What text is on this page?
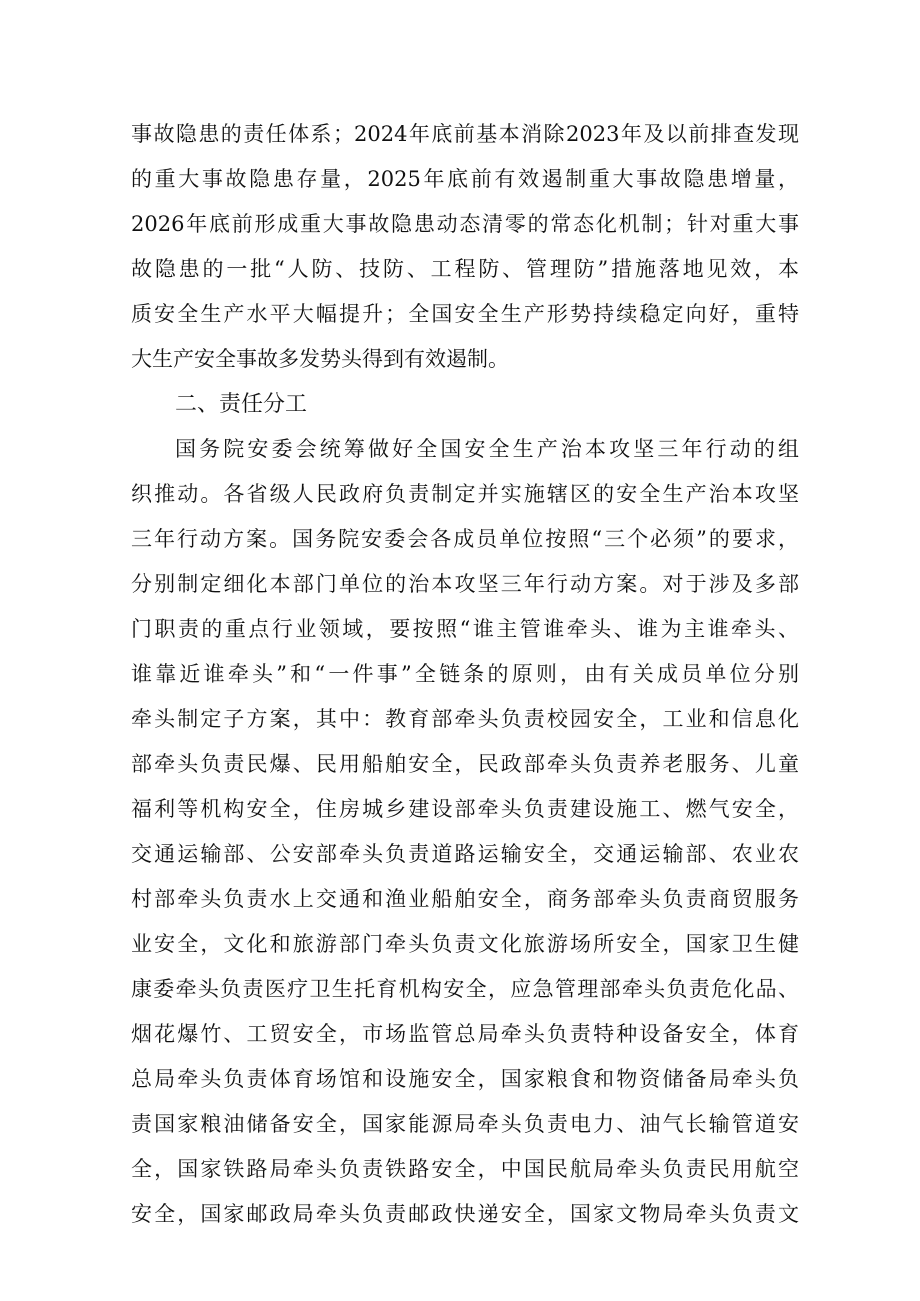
事故隐患的责任体系；2024年底前基本消除2023年及以前排查发现
的重大事故隐患存量，2025年底前有效遏制重大事故隐患增量，
2026年底前形成重大事故隐患动态清零的常态化机制；针对重大事
故隐患的一批“人防、技防、工程防、管理防”措施落地见效，本
质安全生产水平大幅提升；全国安全生产形势持续稳定向好，重特
大生产安全事故多发势头得到有效遏制。
二、责任分工
国务院安委会统筹做好全国安全生产治本攻坚三年行动的组
织推动。各省级人民政府负责制定并实施辖区的安全生产治本攻坚
三年行动方案。国务院安委会各成员单位按照“三个必须”的要求，
分别制定细化本部门单位的治本攻坚三年行动方案。对于涉及多部
门职责的重点行业领域，要按照“谁主管谁牵头、谁为主谁牵头、
谁靠近谁牵头”和“一件事”全链条的原则，由有关成员单位分别
牵头制定子方案，其中：教育部牵头负责校园安全，工业和信息化
部牵头负责民爆、民用船舶安全，民政部牵头负责养老服务、儿童
福利等机构安全，住房城乡建设部牵头负责建设施工、燃气安全，
交通运输部、公安部牵头负责道路运输安全，交通运输部、农业农
村部牵头负责水上交通和渔业船舶安全，商务部牵头负责商贸服务
业安全，文化和旅游部门牵头负责文化旅游场所安全，国家卫生健
康委牵头负责医疗卫生托育机构安全，应急管理部牵头负责危化品、
烟花爆竹、工贸安全，市场监管总局牵头负责特种设备安全，体育
总局牵头负责体育场馆和设施安全，国家粮食和物资储备局牵头负
责国家粮油储备安全，国家能源局牵头负责电力、油气长输管道安
全，国家铁路局牵头负责铁路安全，中国民航局牵头负责民用航空
安全，国家邮政局牵头负责邮政快递安全，国家文物局牵头负责文
